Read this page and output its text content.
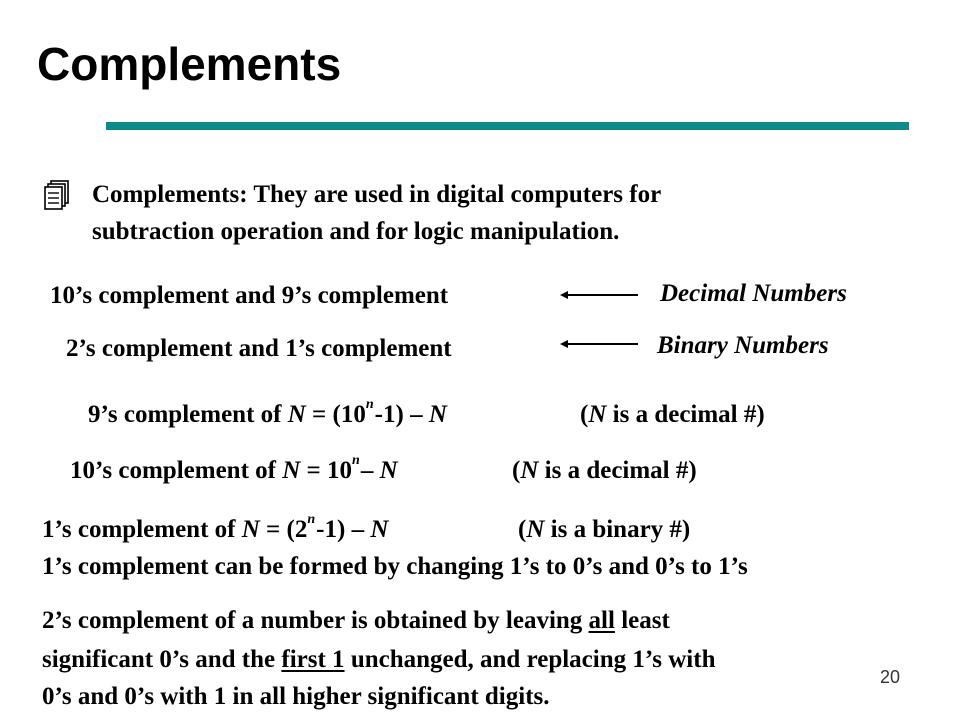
Complements
Complements: They are used in digital computers for
subtraction operation and for logic manipulation.
10’s complement and 9’s complement	Decimal Numbers
2’s complement and 1’s complement	Binary Numbers
9’s complement of $N = (10^n-1) - N$	(N is a decimal #)
10’s complement of $N = 10^n-$ N	(N is a decimal #)
1’s complement of $N = (2^n-1) - N$	(N is a binary #)
1’s complement can be formed by changing 1’s to 0’s and 0’s to 1’s
2’s complement of a number is obtained by leaving all least
significant 0’s and the first 1 unchanged, and replacing 1’s with
0’s and 0’s with 1 in all higher significant digits.
20
